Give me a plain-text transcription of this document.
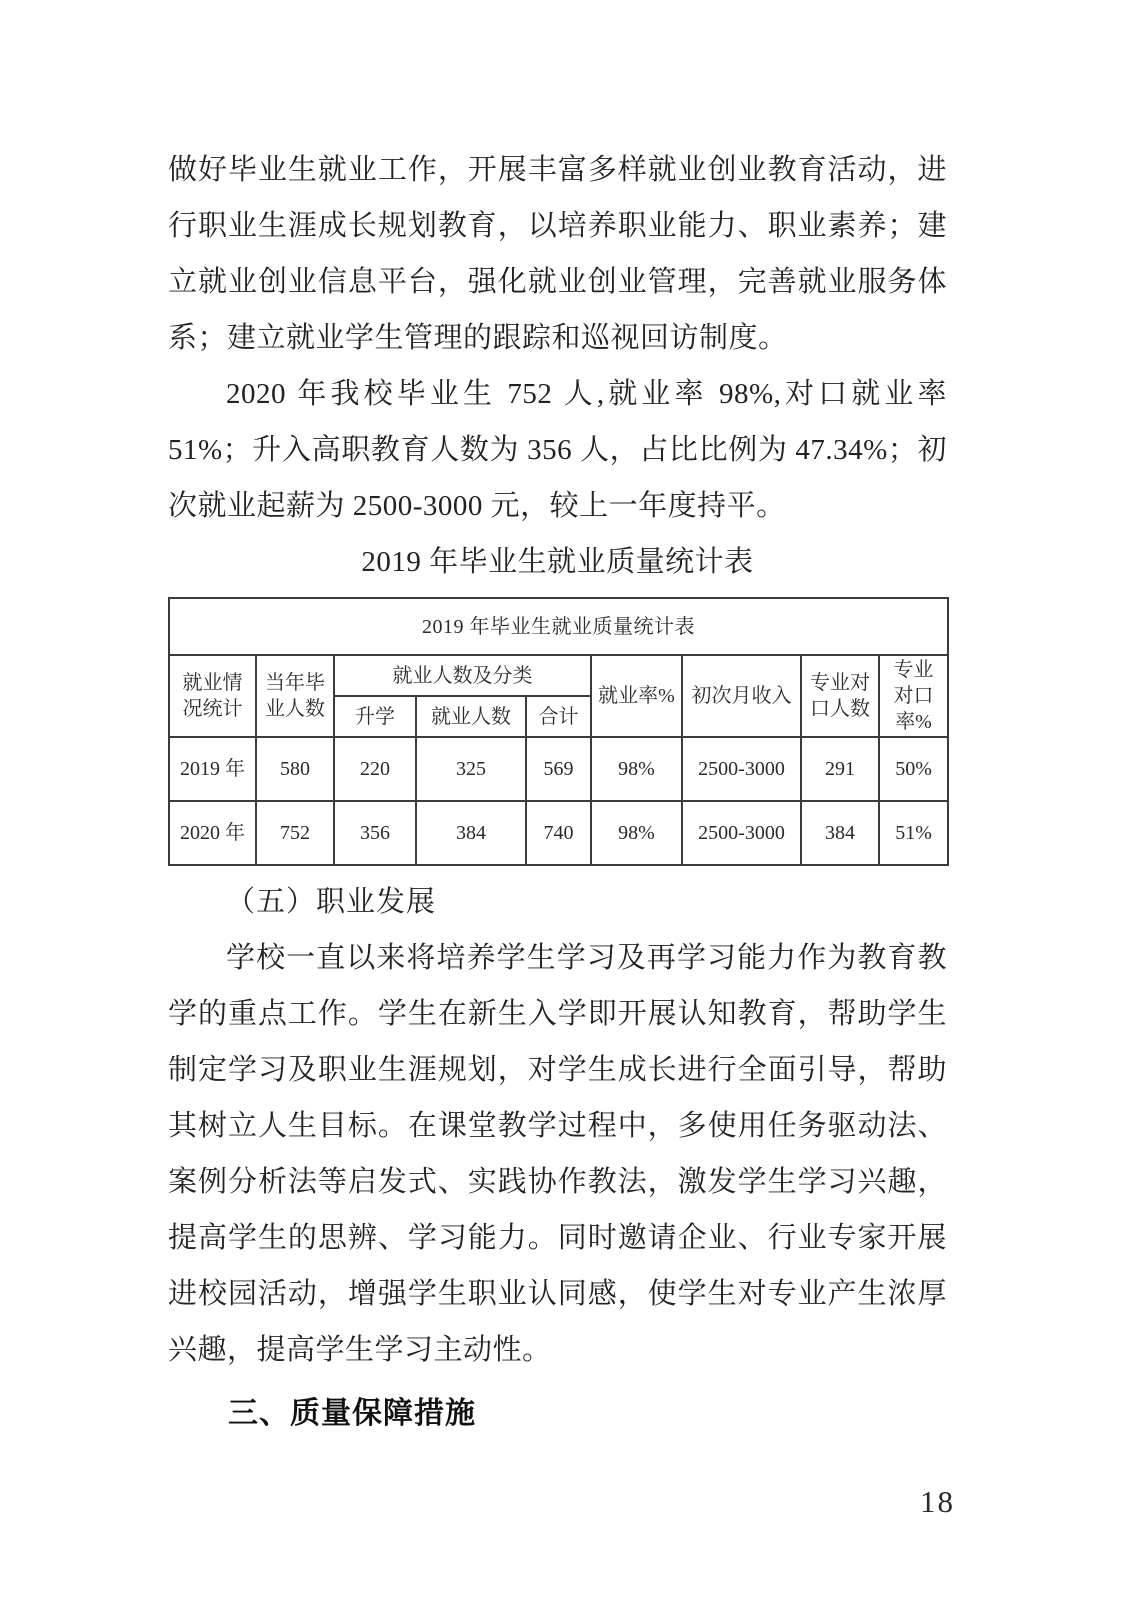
做好毕业生就业工作，开展丰富多样就业创业教育活动，进行职业生涯成长规划教育，以培养职业能力、职业素养；建立就业创业信息平台，强化就业创业管理，完善就业服务体系；建立就业学生管理的跟踪和巡视回访制度。

2020 年我校毕业生 752 人,就业率 98%,对口就业率 51%；升入高职教育人数为 356 人，占比比例为 47.34%；初次就业起薪为 2500-3000 元，较上一年度持平。

2019 年毕业生就业质量统计表
2019 年毕业生就业质量统计表								
就业情况统计	当年毕业人数	就业人数及分类			就业率%	初次月收入	专业对口人数	专业对口率%
		升学	就业人数	合计				
2019 年	580	220	325	569	98%	2500-3000	291	50%
2020 年	752	356	384	740	98%	2500-3000	384	51%
（五）职业发展

学校一直以来将培养学生学习及再学习能力作为教育教学的重点工作。学生在新生入学即开展认知教育，帮助学生制定学习及职业生涯规划，对学生成长进行全面引导，帮助其树立人生目标。在课堂教学过程中，多使用任务驱动法、案例分析法等启发式、实践协作教法，激发学生学习兴趣，提高学生的思辨、学习能力。同时邀请企业、行业专家开展进校园活动，增强学生职业认同感，使学生对专业产生浓厚兴趣，提高学生学习主动性。

三、质量保障措施
18
